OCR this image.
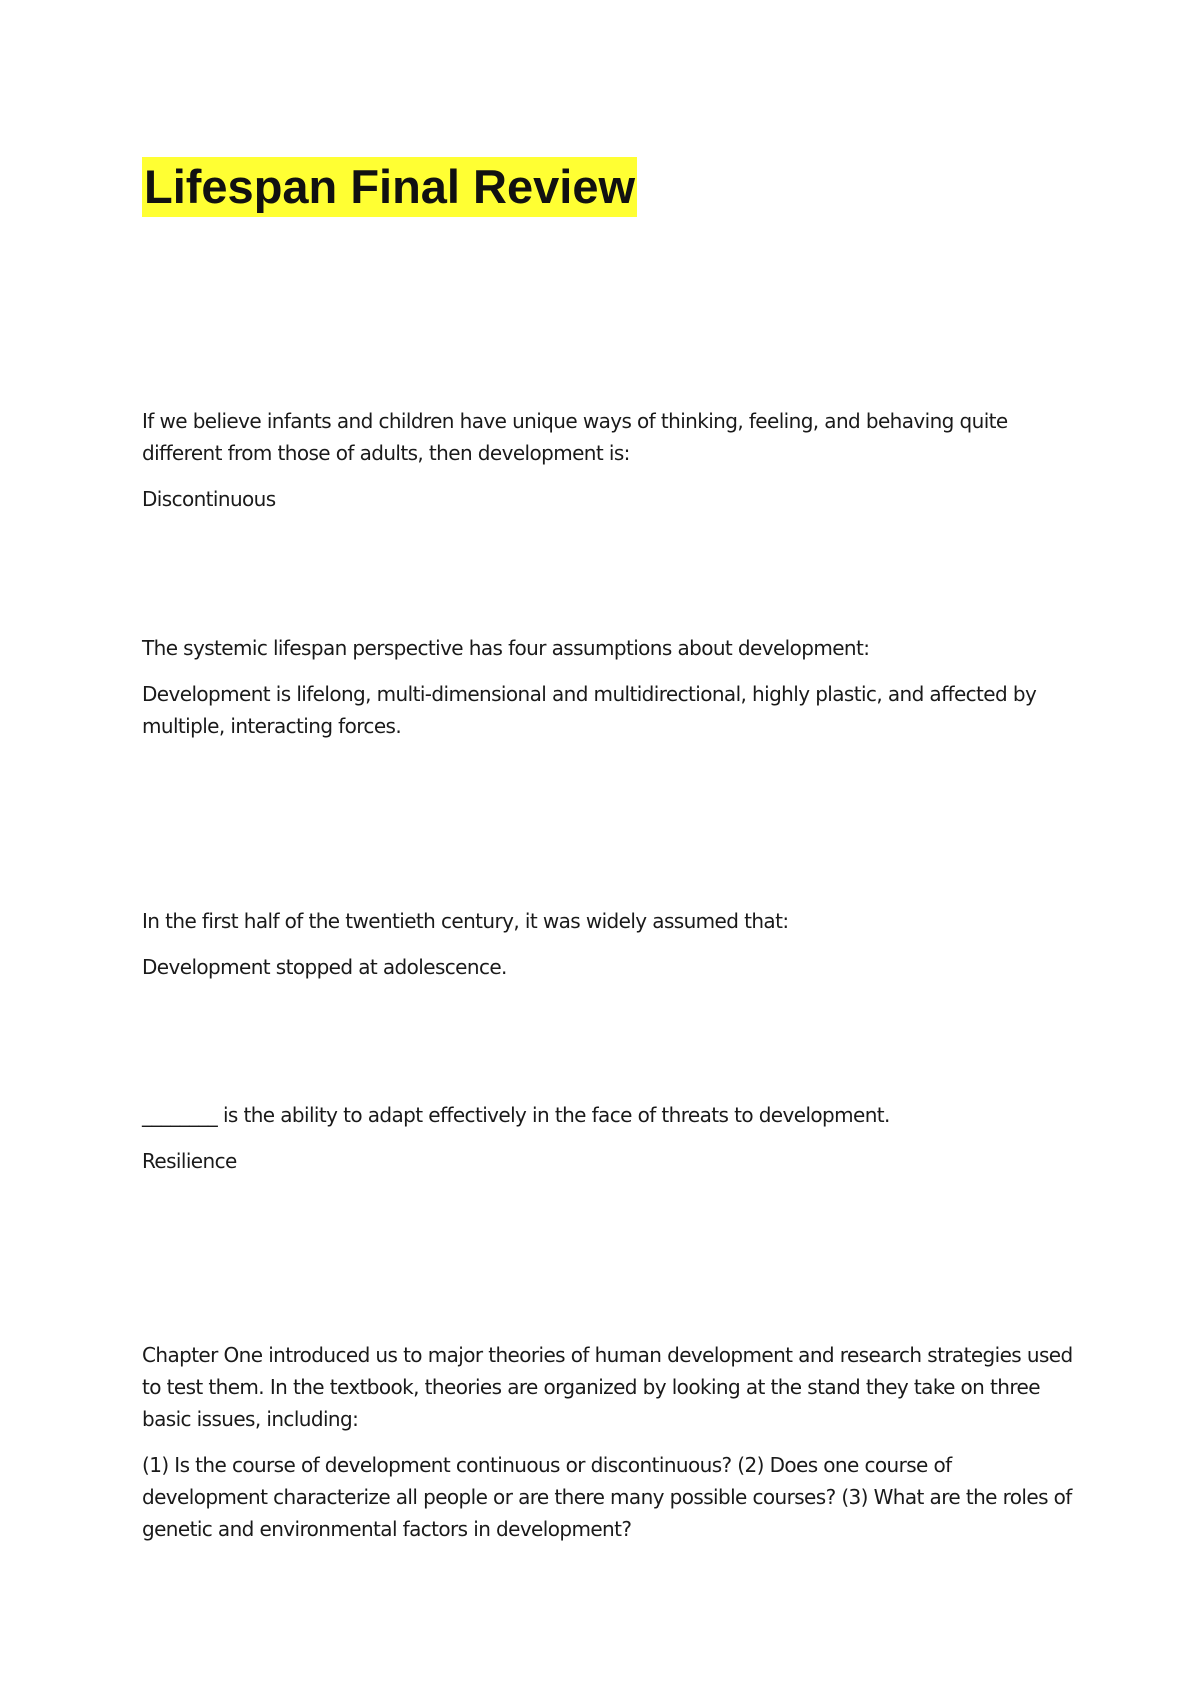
Lifespan Final Review

If we believe infants and children have unique ways of thinking, feeling, and behaving quite different from those of adults, then development is:

Discontinuous

The systemic lifespan perspective has four assumptions about development:

Development is lifelong, multi-dimensional and multidirectional, highly plastic, and affected by multiple, interacting forces.

In the first half of the twentieth century, it was widely assumed that:

Development stopped at adolescence.

________ is the ability to adapt effectively in the face of threats to development.

Resilience

Chapter One introduced us to major theories of human development and research strategies used to test them. In the textbook, theories are organized by looking at the stand they take on three basic issues, including:

(1) Is the course of development continuous or discontinuous? (2) Does one course of development characterize all people or are there many possible courses? (3) What are the roles of genetic and environmental factors in development?
